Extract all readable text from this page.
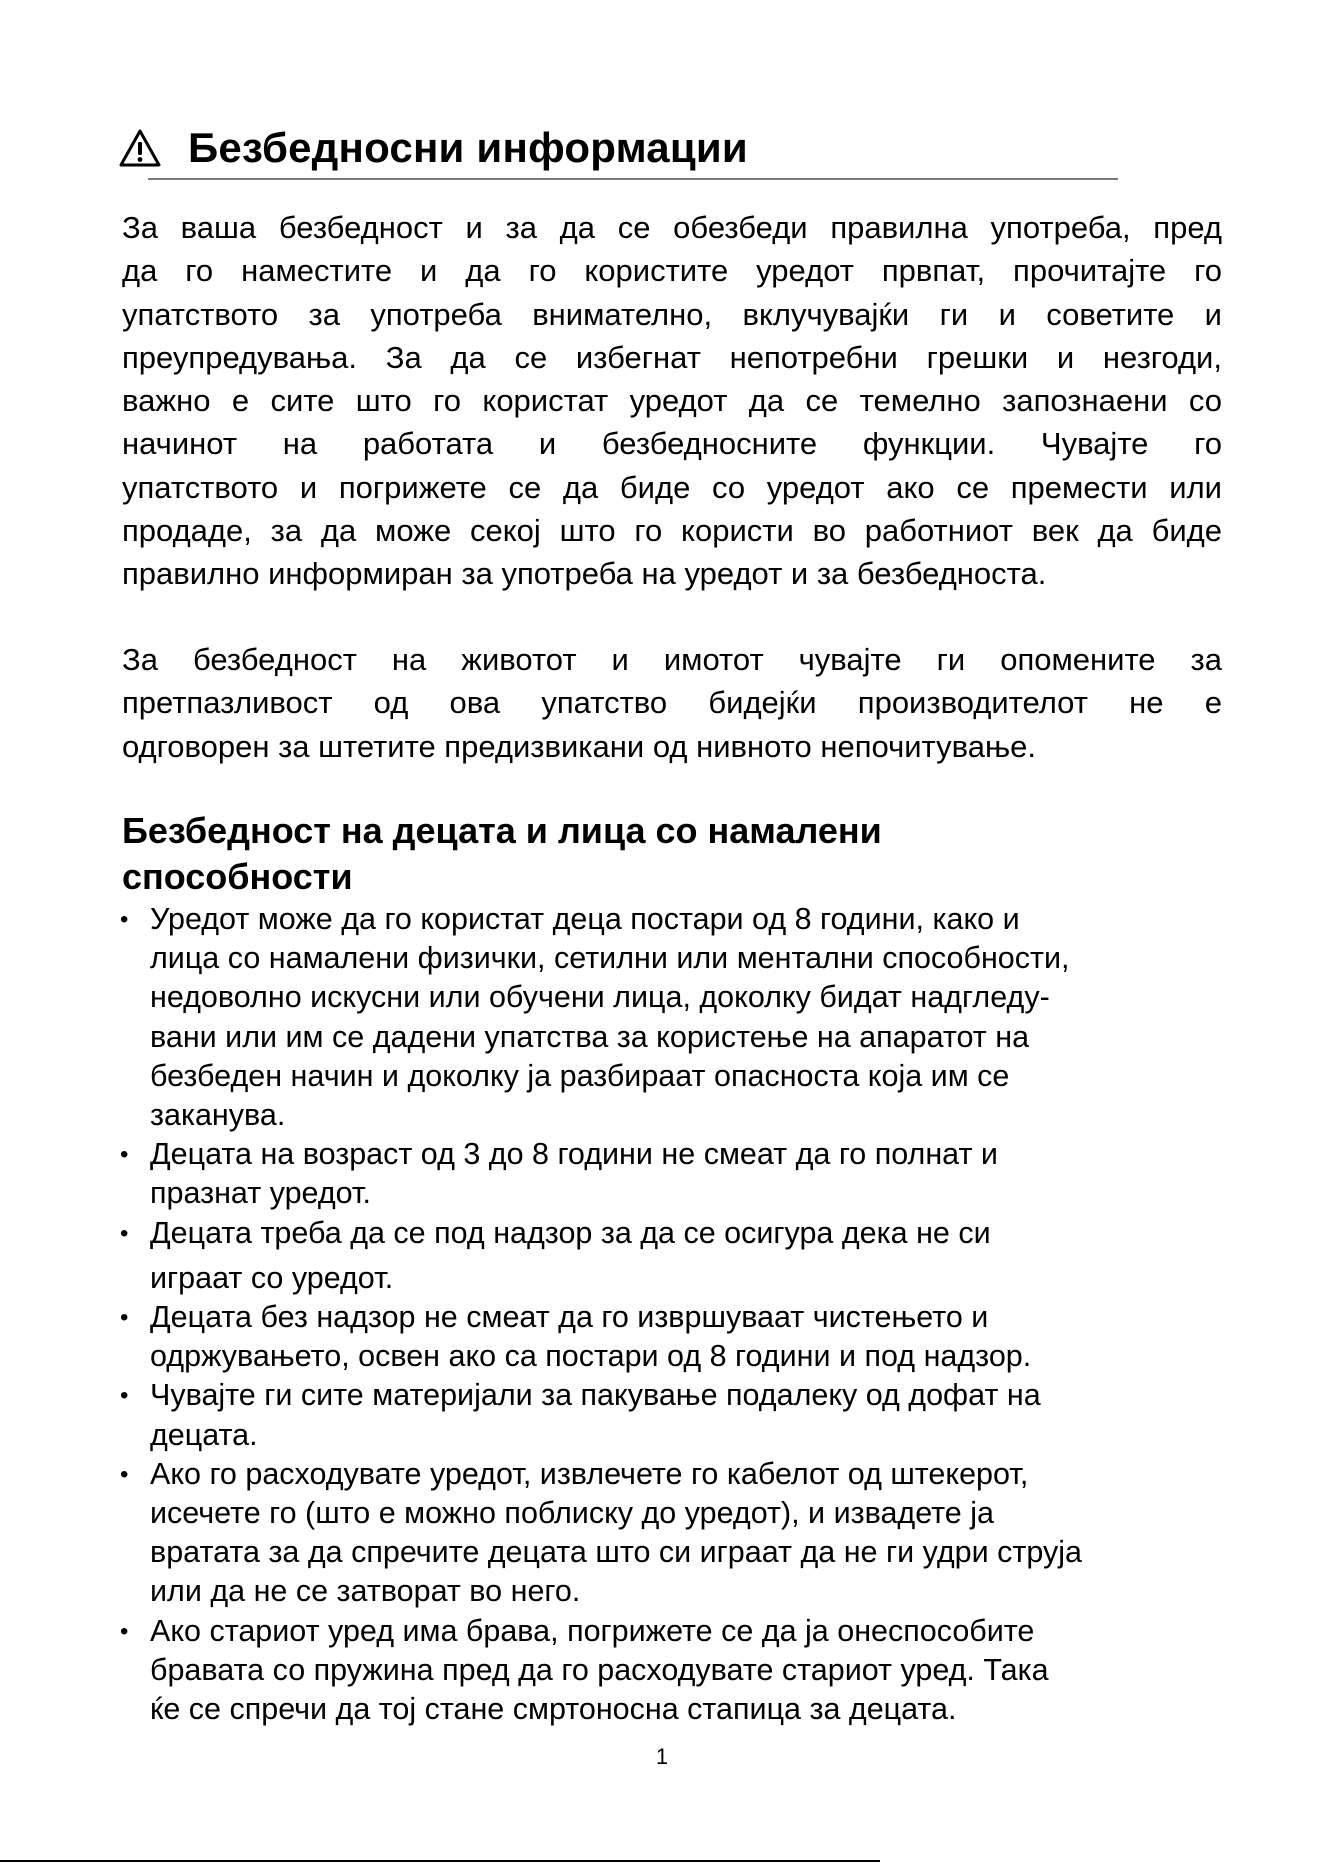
Безбедносни информации
За ваша безбедност и за да се обезбеди правилна употреба, пред
да го наместите и да го користите уредот првпат, прочитајте го
упатството за употреба внимателно, вклучувајќи ги и советите и
преупредувања. За да се избегнат непотребни грешки и незгоди,
важно е сите што го користат уредот да се темелно запознаени со
начинот на работата и безбедносните функции. Чувајте го
упатството и погрижете се да биде со уредот ако се премести или
продаде, за да може секој што го користи во работниот век да биде
правилно информиран за употреба на уредот и за безбедноста.
За безбедност на животот и имотот чувајте ги опомените за
претпазливост од ова упатство бидејќи производителот не е
одговорен за штетите предизвикани од нивното непочитување.
Безбедност на децата и лица со намалени
способности
• Уредот може да го користат деца постари од 8 години, како и
лица со намалени физички, сетилни или ментални способности,
недоволно искусни или обучени лица, доколку бидат надгледу-
вани или им се дадени упатства за користење на апаратот на
безбеден начин и доколку ја разбираат опасноста која им се
заканува.
• Децата на возраст од 3 до 8 години не смеат да го полнат и
празнат уредот.
• Децата треба да се под надзор за да се осигура дека не си
играат со уредот.
• Децата без надзор не смеат да го извршуваат чистењето и
одржувањето, освен ако са постари од 8 години и под надзор.
• Чувајте ги сите материјали за пакување подалеку од дофат на
децата.
• Ако го расходувате уредот, извлечете го кабелот од штекерот,
исечете го (што е можно поблиску до уредот), и извадете ја
вратата за да спречите децата што си играат да не ги удри струја
или да не се затворат во него.
• Ако стариот уред има брава, погрижете се да ја онеспособите
бравата со пружина пред да го расходувате стариот уред. Така
ќе се спречи да тој стане смртоносна стапица за децата.
1
